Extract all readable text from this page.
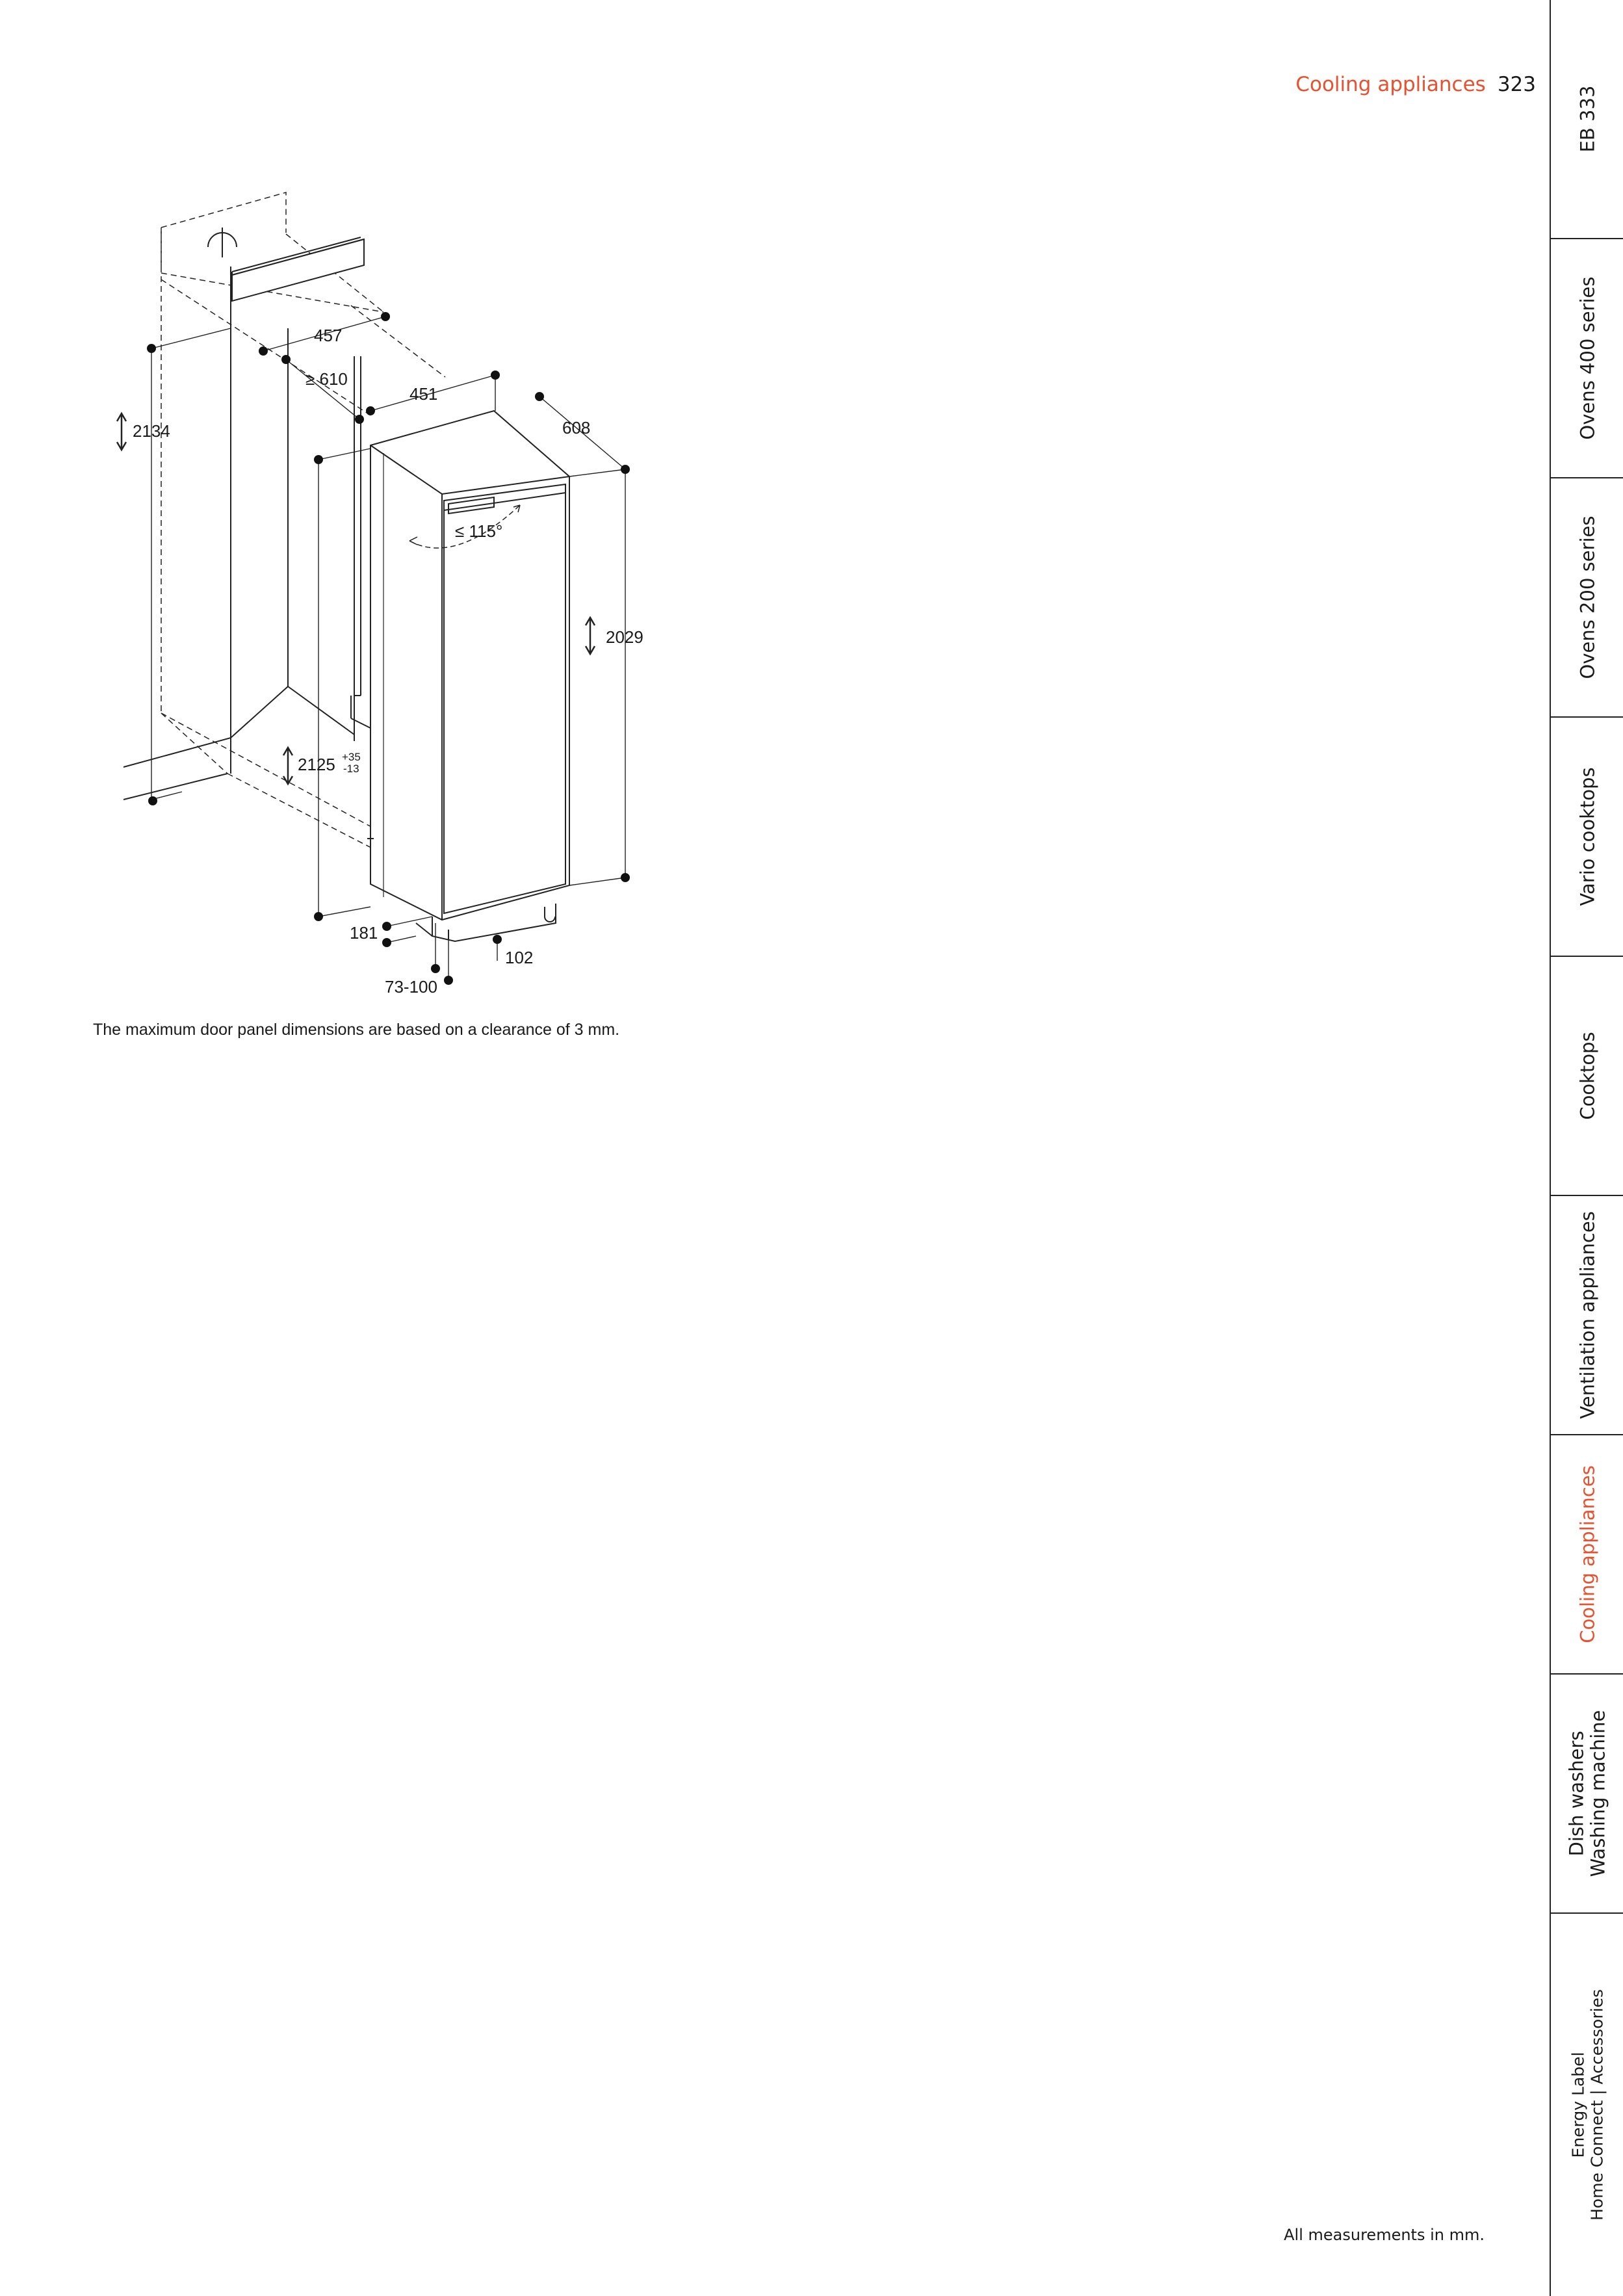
Cooling appliances 323
457
≥ 610
451
608
2134
≤ 115°
2029
2125 +35
-13
181
102
73-100
The maximum door panel dimensions are based on a clearance of 3 mm.
EB 333
Ovens 400 series
Ovens 200 series
Vario cooktops
Cooktops
Ventilation appliances
Cooling appliances
Dish washers Washing machine
Energy Label Home Connect | Accessories
All measurements in mm.
